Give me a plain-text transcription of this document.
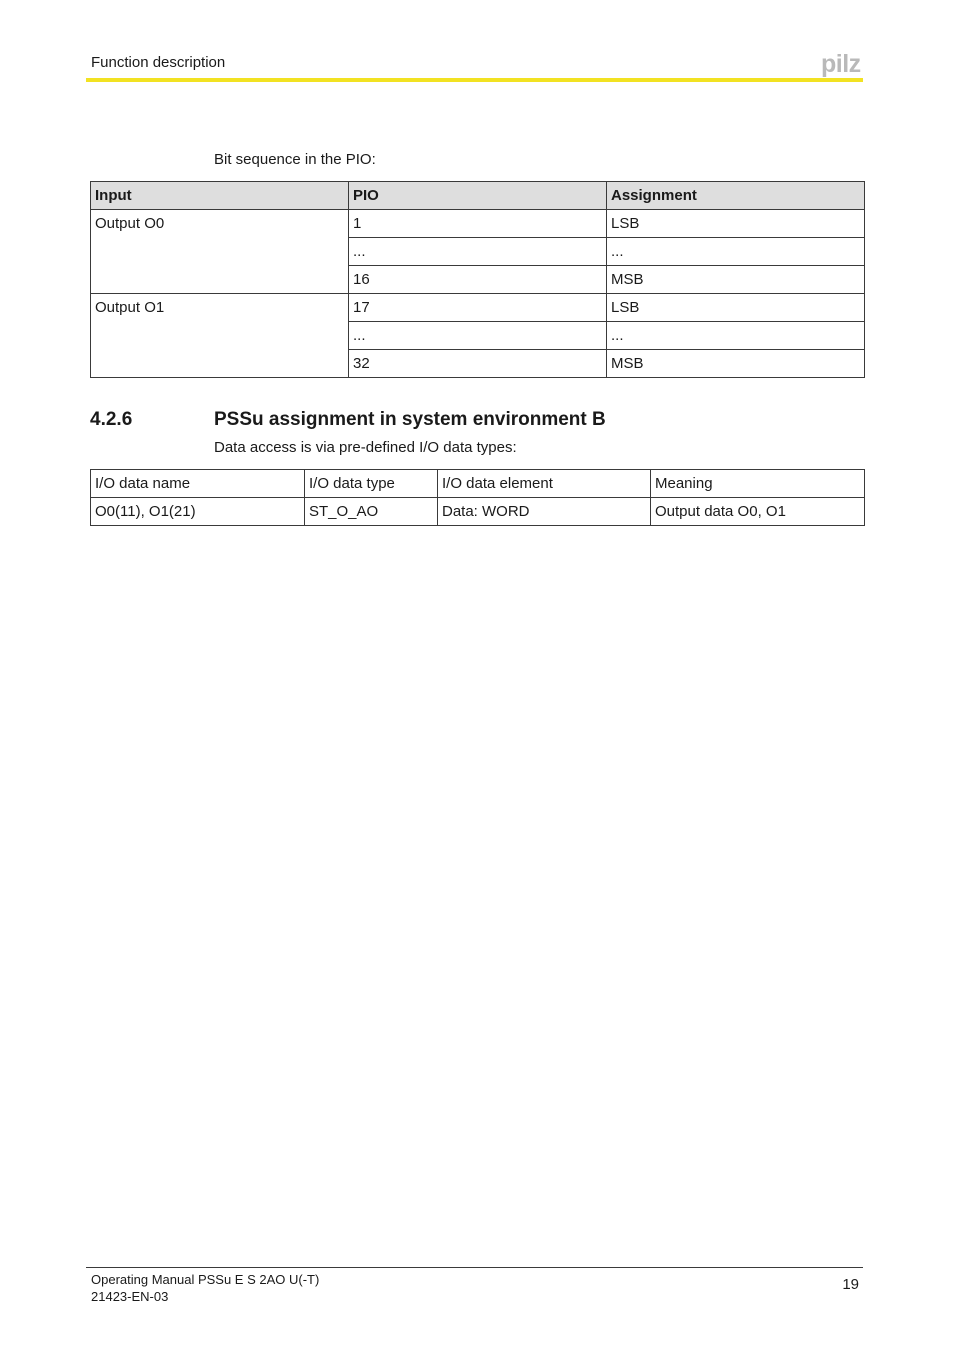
Function description	pilz
Bit sequence in the PIO:
Input	PIO	Assignment
Output O0	1	LSB
	...	...
	16	MSB
Output O1	17	LSB
	...	...
	32	MSB
4.2.6	PSSu assignment in system environment B
Data access is via pre-defined I/O data types:
I/O data name	I/O data type	I/O data element	Meaning
O0(11), O1(21)	ST_O_AO	Data: WORD	Output data O0, O1
Operating Manual PSSu E S 2AO U(-T)
21423-EN-03
19
